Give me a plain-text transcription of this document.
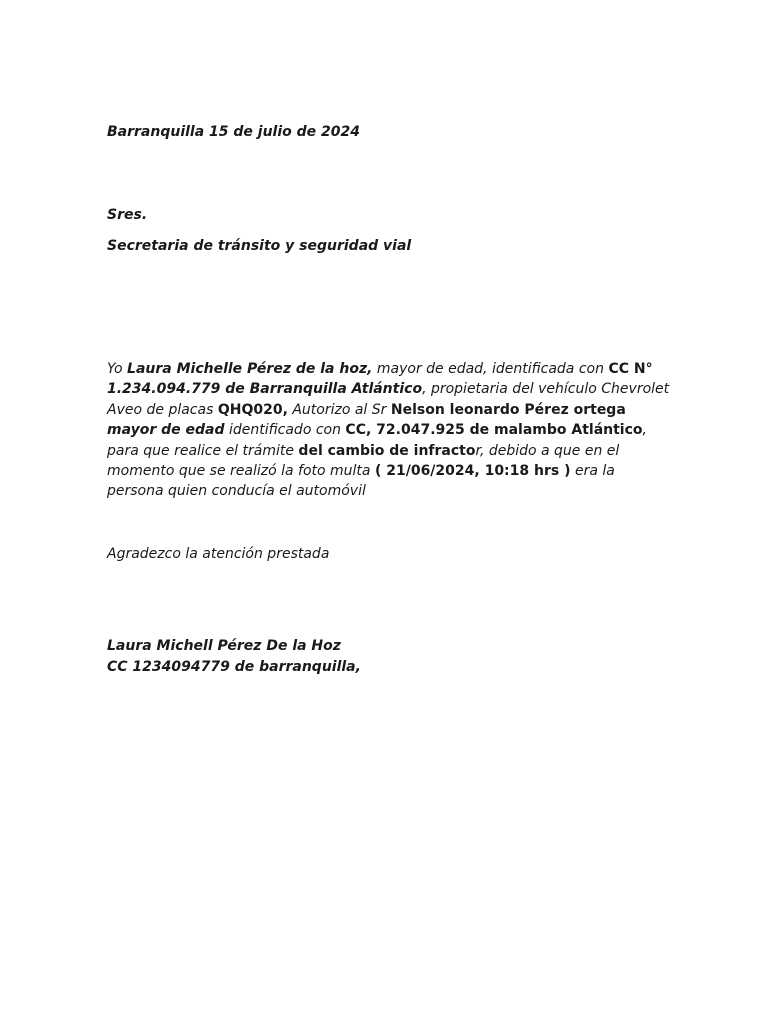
Barranquilla 15 de julio de 2024
Sres.
Secretaria de tránsito y seguridad vial
Yo Laura Michelle Pérez de la hoz, mayor de edad, identificada con CC N°
1.234.094.779 de Barranquilla Atlántico, propietaria del vehículo Chevrolet
Aveo de placas QHQ020, Autorizo al Sr Nelson leonardo Pérez ortega
mayor de edad identificado con CC, 72.047.925 de malambo Atlántico,
para que realice el trámite del cambio de infractor, debido a que en el
momento que se realizó la foto multa ( 21/06/2024, 10:18 hrs ) era la
persona quien conducía el automóvil
Agradezco la atención prestada
Laura Michell Pérez De la Hoz
CC 1234094779 de barranquilla,
